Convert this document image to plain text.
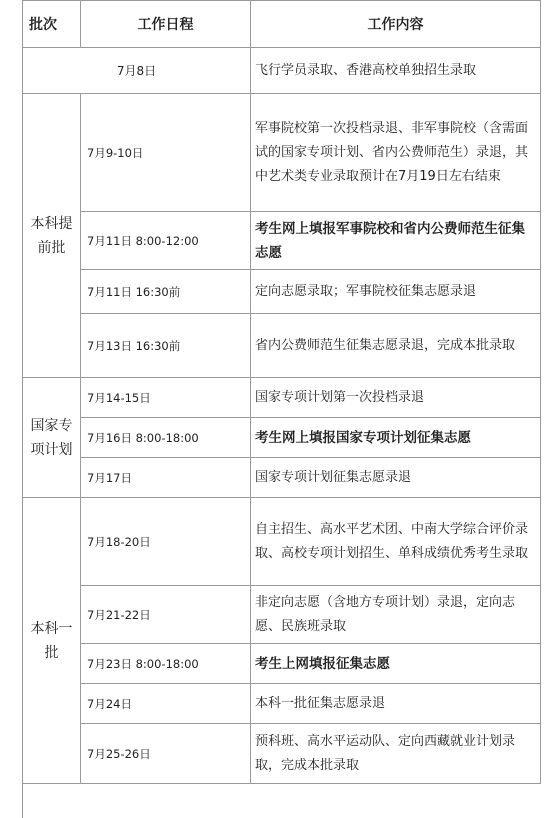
批次	工作日程	工作内容
7月8日		飞行学员录取、香港高校单独招生录取
本科提前批	7月9-10日	军事院校第一次投档录退、非军事院校（含需面试的国家专项计划、省内公费师范生）录退，其中艺术类专业录取预计在7月19日左右结束
	7月11日 8:00-12:00	考生网上填报军事院校和省内公费师范生征集志愿
	7月11日 16:30前	定向志愿录取；军事院校征集志愿录退
	7月13日 16:30前	省内公费师范生征集志愿录退，完成本批录取
国家专项计划	7月14-15日	国家专项计划第一次投档录退
	7月16日 8:00-18:00	考生网上填报国家专项计划征集志愿
	7月17日	国家专项计划征集志愿录退
本科一批	7月18-20日	自主招生、高水平艺术团、中南大学综合评价录取、高校专项计划招生、单科成绩优秀考生录取
	7月21-22日	非定向志愿（含地方专项计划）录退，定向志愿、民族班录取
	7月23日 8:00-18:00	考生上网填报征集志愿
	7月24日	本科一批征集志愿录退
	7月25-26日	预科班、高水平运动队、定向西藏就业计划录取，完成本批录取
